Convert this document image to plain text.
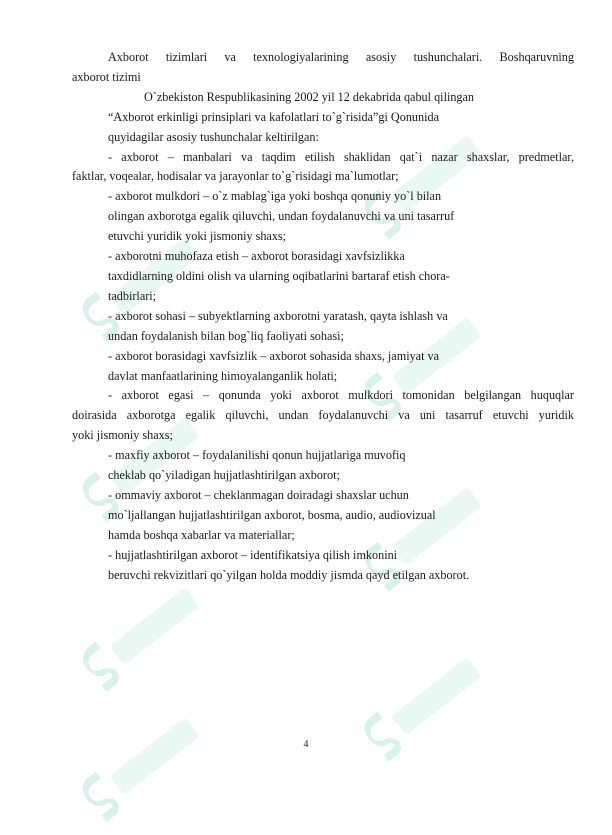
Axborot tizimlari va texnologiyalarining asosiy tushunchalari. Boshqaruvning
axborot tizimi
O`zbekiston Respublikasining 2002 yil 12 dekabrida qabul qilingan
“Axborot erkinligi prinsiplari va kafolatlari to`g`risida”gi Qonunida
quyidagilar asosiy tushunchalar keltirilgan:
- axborot – manbalari va taqdim etilish shaklidan qat`i nazar shaxslar, predmetlar,
faktlar, voqealar, hodisalar va jarayonlar to`g`risidagi ma`lumotlar;
- axborot mulkdori – o`z mablag`iga yoki boshqa qonuniy yo`l bilan
olingan axborotga egalik qiluvchi, undan foydalanuvchi va uni tasarruf
etuvchi yuridik yoki jismoniy shaxs;
- axborotni muhofaza etish – axborot borasidagi xavfsizlikka
taxdidlarning oldini olish va ularning oqibatlarini bartaraf etish chora-
tadbirlari;
- axborot sohasi – subyektlarning axborotni yaratash, qayta ishlash va
undan foydalanish bilan bog`liq faoliyati sohasi;
- axborot borasidagi xavfsizlik – axborot sohasida shaxs, jamiyat va
davlat manfaatlarining himoyalanganlik holati;
- axborot egasi – qonunda yoki axborot mulkdori tomonidan belgilangan huquqlar
doirasida axborotga egalik qiluvchi, undan foydalanuvchi va uni tasarruf etuvchi yuridik
yoki jismoniy shaxs;
- maxfiy axborot – foydalanilishi qonun hujjatlariga muvofiq
cheklab qo`yiladigan hujjatlashtirilgan axborot;
- ommaviy axborot – cheklanmagan doiradagi shaxslar uchun
mo`ljallangan hujjatlashtirilgan axborot, bosma, audio, audiovizual
hamda boshqa xabarlar va materiallar;
- hujjatlashtirilgan axborot – identifikatsiya qilish imkonini
beruvchi rekvizitlari qo`yilgan holda moddiy jismda qayd etilgan axborot.
4
